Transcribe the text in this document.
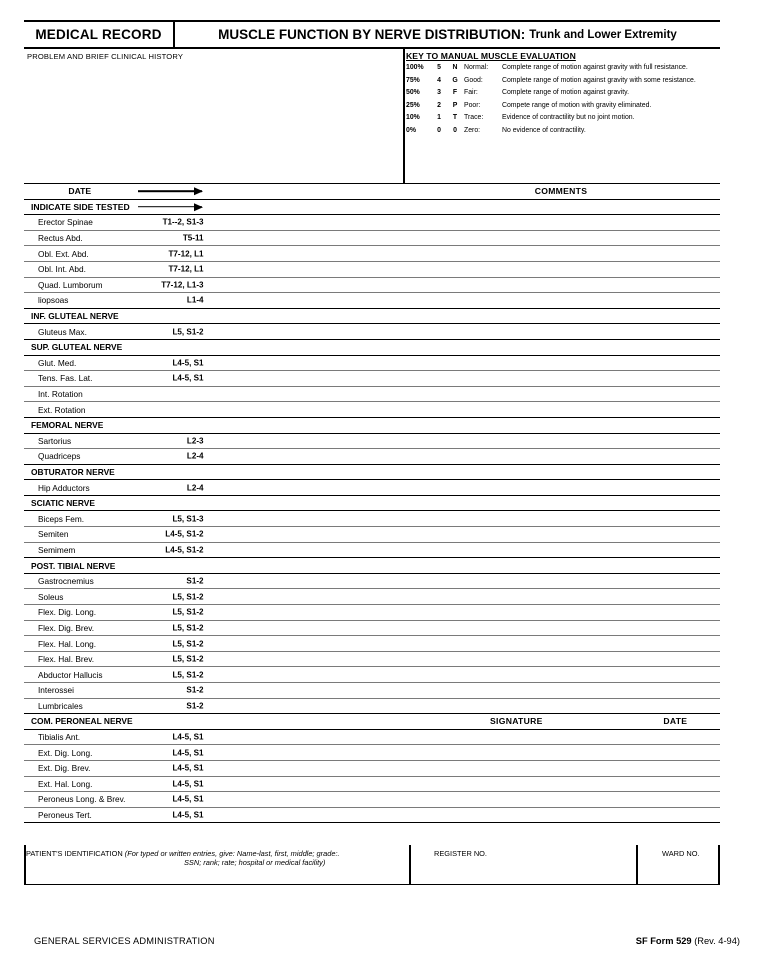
MEDICAL RECORD	MUSCLE FUNCTION BY NERVE DISTRIBUTION: Trunk and Lower Extremity
PROBLEM AND BRIEF CLINICAL HISTORY	KEY TO MANUAL MUSCLE EVALUATION
100%	5	N Normal:	Complete range of motion against gravity with full resistance.
75%	4	G Good:	Complete range of motion against gravity with some resistance.
50%	3	F Fair:	Complete range of motion against gravity.
25%	2	P Poor:	Compete range of motion with gravity eliminated.
10%	1	T Trace:	Evidence of contractility but no joint motion.
0%	0	0	Zero:	No evidence of contractility.
DATE							COMMENTS	

INDICATE SIDE TESTED								

Erector Spinae T1--2, S1-3								

Rectus Abd. T5-11								

Obl. Ext. Abd. T7-12, L1								

Obl. Int. Abd. T7-12, L1								

Quad. Lumborum T7-12, L1-3								

liopsoas L1-4								

INF. GLUTEAL NERVE								

Gluteus Max. L5, S1-2								

SUP. GLUTEAL NERVE								

Glut. Med. L4-5, S1								

Tens. Fas. Lat. L4-5, S1								

Int. Rotation								

Ext. Rotation								

FEMORAL NERVE								

Sartorius L2-3								

Quadriceps L2-4								

OBTURATOR NERVE								

Hip Adductors L2-4								

SCIATIC NERVE								

Biceps Fem. L5, S1-3								

Semiten L4-5, S1-2								

Semimem L4-5, S1-2								

POST. TIBIAL NERVE								

Gastrocnemius S1-2								

Soleus L5, S1-2								

Flex. Dig. Long. L5, S1-2								

Flex. Dig. Brev. L5, S1-2								

Flex. Hal. Long. L5, S1-2								

Flex. Hal. Brev. L5, S1-2								

Abductor Hallucis L5, S1-2								

Interossei S1-2								

Lumbricales S1-2								

COM. PERONEAL NERVE							SIGNATURE	DATE

Tibialis Ant. L4-5, S1								

Ext. Dig. Long. L4-5, S1								

Ext. Dig. Brev. L4-5, S1								

Ext. Hal. Long. L4-5, S1								

Peroneus Long. & Brev. L4-5, S1								

Peroneus Tert. L4-5, S1								

PATIENT'S IDENTIFICATION (For typed or written entries, give: Name-last, first, middle; grade:.
SSN; rank; rate; hospital or medical facility)
REGISTER NO.	WARD NO.
GENERAL SERVICES ADMINISTRATION	SF Form 529 (Rev. 4-94)
